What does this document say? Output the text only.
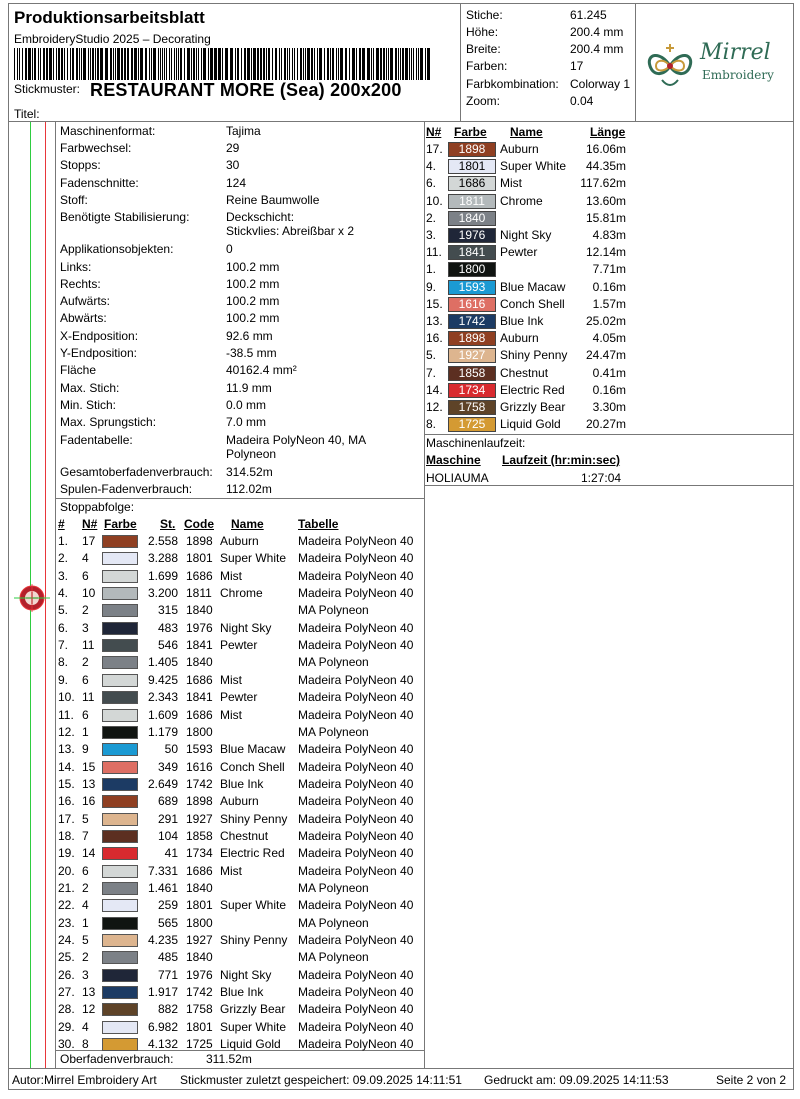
Produktionsarbeitsblatt
EmbroideryStudio 2025 – Decorating
Stickmuster: RESTAURANT MORE (Sea) 200x200
Titel:
Stiche:	61.245
Höhe:	200.4 mm
Breite:	200.4 mm
Farben:	17
Farbkombination: Colorway 1
Zoom:	0.04
Mirrel
Embroidery
Maschinenformat:	Tajima
Farbwechsel:	29
Stopps:	30
Fadenschnitte:	124
Stoff:	Reine Baumwolle
Benötigte Stabilisierung:	Deckschicht:
Stickvlies: Abreißbar x 2
Applikationsobjekten:	0
Links:	100.2 mm
Rechts:	100.2 mm
Aufwärts:	100.2 mm
Abwärts:	100.2 mm
X-Endposition:	92.6 mm
Y-Endposition:	-38.5 mm
Fläche	40162.4 mm²
Max. Stich:	11.9 mm
Min. Stich:	0.0 mm
Max. Sprungstich:	7.0 mm
Fadentabelle:	Madeira PolyNeon 40, MA
Polyneon
Gesamtoberfadenverbrauch: 314.52m
Spulen-Fadenverbrauch:	112.02m
Stoppabfolge:
# N# Farbe St. Code Name	Tabelle
1. 17	2.558 1898 Auburn	Madeira PolyNeon 40
2. 4	3.288 1801 Super White Madeira PolyNeon 40
3. 6	1.699 1686 Mist	Madeira PolyNeon 40
4. 10	3.200 1811 Chrome	Madeira PolyNeon 40
5. 2	315 1840	MA Polyneon
6. 3	483 1976 Night Sky Madeira PolyNeon 40
7. 11	546 1841 Pewter	Madeira PolyNeon 40
8. 2	1.405 1840	MA Polyneon
9. 6	9.425 1686 Mist	Madeira PolyNeon 40
10. 11	2.343 1841 Pewter	Madeira PolyNeon 40
11. 6	1.609 1686 Mist	Madeira PolyNeon 40
12. 1	1.179 1800	MA Polyneon
13. 9	50 1593 Blue Macaw Madeira PolyNeon 40
14. 15	349 1616 Conch Shell Madeira PolyNeon 40
15. 13	2.649 1742 Blue Ink	Madeira PolyNeon 40
16. 16	689 1898 Auburn	Madeira PolyNeon 40
17. 5	291 1927 Shiny Penny Madeira PolyNeon 40
18. 7	104 1858 Chestnut Madeira PolyNeon 40
19. 14	41 1734 Electric Red Madeira PolyNeon 40
20. 6	7.331 1686 Mist	Madeira PolyNeon 40
21. 2	1.461 1840	MA Polyneon
22. 4	259 1801 Super White Madeira PolyNeon 40
23. 1	565 1800	MA Polyneon
24. 5	4.235 1927 Shiny Penny Madeira PolyNeon 40
25. 2	485 1840	MA Polyneon
26. 3	771 1976 Night Sky Madeira PolyNeon 40
27. 13	1.917 1742 Blue Ink	Madeira PolyNeon 40
28. 12	882 1758 Grizzly Bear Madeira PolyNeon 40
29. 4	6.982 1801 Super White Madeira PolyNeon 40
30. 8	4.132 1725 Liquid Gold Madeira PolyNeon 40
Oberfadenverbrauch:	311.52m
N# Farbe Name	Länge
17.	1898	Auburn	16.06m
4.	1801	Super White 44.35m
6.	1686	Mist	117.62m
10.	1811	Chrome	13.60m
2.	1840	15.81m
3.	1976	Night Sky	4.83m
11.	1841	Pewter	12.14m
1.	1800	7.71m
9.	1593	Blue Macaw 0.16m
15.	1616	Conch Shell 1.57m
13.	1742	Blue Ink	25.02m
16.	1898	Auburn	4.05m
5.	1927	Shiny Penny 24.47m
7.	1858	Chestnut	0.41m
14.	1734	Electric Red 0.16m
12.	1758	Grizzly Bear 3.30m
8.	1725	Liquid Gold 20.27m
Maschinenlaufzeit:
Maschine Laufzeit (hr:min:sec)
HOLIAUMA	1:27:04
Autor:Mirrel Embroidery Art Stickmuster zuletzt gespeichert: 09.09.2025 14:11:51 Gedruckt am: 09.09.2025 14:11:53	Seite 2 von 2
